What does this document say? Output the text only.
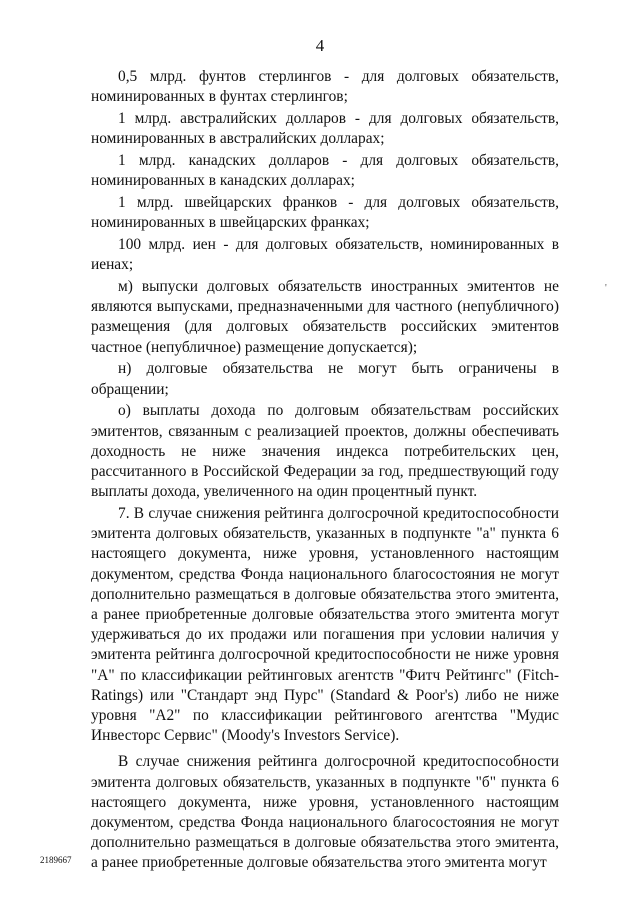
4

0,5 млрд. фунтов стерлингов - для долговых обязательств, номинированных в фунтах стерлингов;

1 млрд. австралийских долларов - для долговых обязательств, номинированных в австралийских долларах;

1 млрд. канадских долларов - для долговых обязательств, номинированных в канадских долларах;

1 млрд. швейцарских франков - для долговых обязательств, номинированных в швейцарских франках;

100 млрд. иен - для долговых обязательств, номинированных в иенах;

м) выпуски долговых обязательств иностранных эмитентов не являются выпусками, предназначенными для частного (непубличного) размещения (для долговых обязательств российских эмитентов частное (непубличное) размещение допускается);

н) долговые обязательства не могут быть ограничены в обращении;

о) выплаты дохода по долговым обязательствам российских эмитентов, связанным с реализацией проектов, должны обеспечивать доходность не ниже значения индекса потребительских цен, рассчитанного в Российской Федерации за год, предшествующий году выплаты дохода, увеличенного на один процентный пункт.

7. В случае снижения рейтинга долгосрочной кредитоспособности эмитента долговых обязательств, указанных в подпункте "а" пункта 6 настоящего документа, ниже уровня, установленного настоящим документом, средства Фонда национального благосостояния не могут дополнительно размещаться в долговые обязательства этого эмитента, а ранее приобретенные долговые обязательства этого эмитента могут удерживаться до их продажи или погашения при условии наличия у эмитента рейтинга долгосрочной кредитоспособности не ниже уровня "A" по классификации рейтинговых агентств "Фитч Рейтингс" (Fitch-Ratings) или "Стандарт энд Пурс" (Standard & Poor's) либо не ниже уровня "A2" по классификации рейтингового агентства "Мудис Инвесторс Сервис" (Moody's Investors Service).

В случае снижения рейтинга долгосрочной кредитоспособности эмитента долговых обязательств, указанных в подпункте "б" пункта 6 настоящего документа, ниже уровня, установленного настоящим документом, средства Фонда национального благосостояния не могут дополнительно размещаться в долговые обязательства этого эмитента, а ранее приобретенные долговые обязательства этого эмитента могут

'
2189667
